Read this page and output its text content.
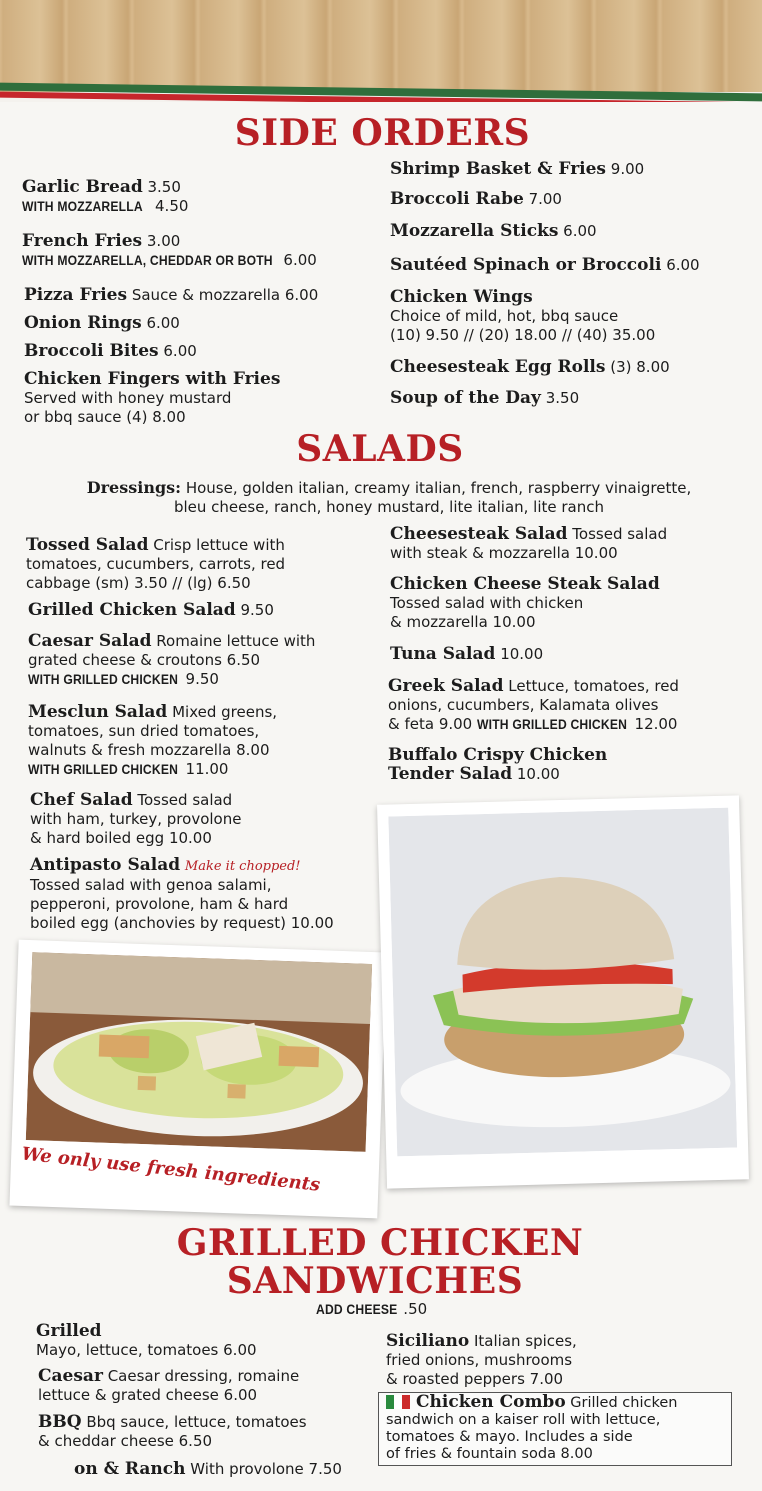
SIDE ORDERS
Garlic Bread 3.50
WITH MOZZARELLA 4.50
French Fries 3.00
WITH MOZZARELLA, CHEDDAR OR BOTH 6.00
Pizza Fries Sauce & mozzarella 6.00
Onion Rings 6.00
Broccoli Bites 6.00
Chicken Fingers with Fries
Served with honey mustard
or bbq sauce (4) 8.00
Shrimp Basket & Fries 9.00
Broccoli Rabe 7.00
Mozzarella Sticks 6.00
Sautéed Spinach or Broccoli 6.00
Chicken Wings
Choice of mild, hot, bbq sauce
(10) 9.50 // (20) 18.00 // (40) 35.00
Cheesesteak Egg Rolls (3) 8.00
Soup of the Day 3.50
SALADS
Dressings: House, golden italian, creamy italian, french, raspberry vinaigrette,
bleu cheese, ranch, honey mustard, lite italian, lite ranch
Tossed Salad Crisp lettuce with
tomatoes, cucumbers, carrots, red
cabbage (sm) 3.50 // (lg) 6.50
Grilled Chicken Salad 9.50
Caesar Salad Romaine lettuce with
grated cheese & croutons 6.50
WITH GRILLED CHICKEN 9.50
Mesclun Salad Mixed greens,
tomatoes, sun dried tomatoes,
walnuts & fresh mozzarella 8.00
WITH GRILLED CHICKEN 11.00
Chef Salad Tossed salad
with ham, turkey, provolone
& hard boiled egg 10.00
Antipasto Salad Make it chopped!
Tossed salad with genoa salami,
pepperoni, provolone, ham & hard
boiled egg (anchovies by request) 10.00
Cheesesteak Salad Tossed salad
with steak & mozzarella 10.00
Chicken Cheese Steak Salad
Tossed salad with chicken
& mozzarella 10.00
Tuna Salad 10.00
Greek Salad Lettuce, tomatoes, red
onions, cucumbers, Kalamata olives
& feta 9.00 WITH GRILLED CHICKEN 12.00
Buffalo Crispy Chicken
Tender Salad 10.00
We only use fresh ingredients
GRILLED CHICKEN
SANDWICHES
ADD CHEESE .50
Grilled
Mayo, lettuce, tomatoes 6.00
Caesar Caesar dressing, romaine
lettuce & grated cheese 6.00
BBQ Bbq sauce, lettuce, tomatoes
& cheddar cheese 6.50
on & Ranch With provolone 7.50
Siciliano Italian spices,
fried onions, mushrooms
& roasted peppers 7.00
Chicken Combo Grilled chicken
sandwich on a kaiser roll with lettuce,
tomatoes & mayo. Includes a side
of fries & fountain soda 8.00
